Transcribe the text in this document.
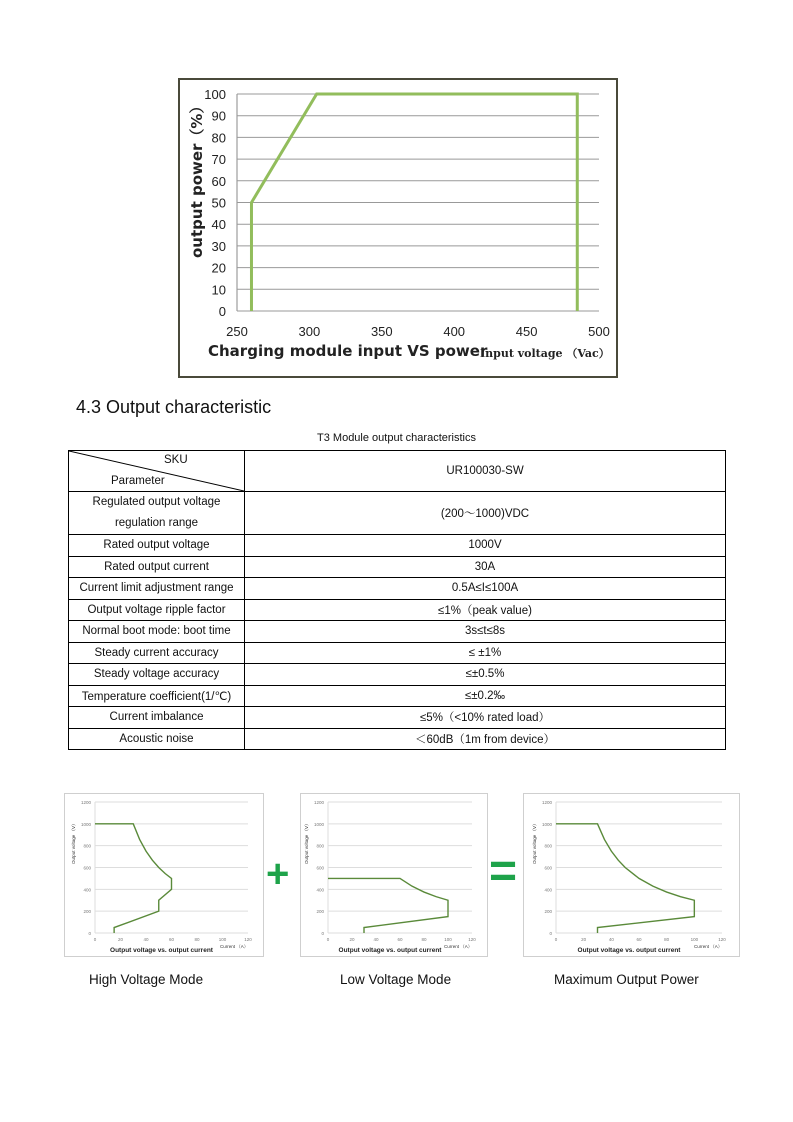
0
10
20
30
40
50
60
70
80
90
100
250	300	350	400	450	500
Charging module input VS power
Input voltage （Vac）
output power（%）
4.3 Output characteristic
T3 Module output characteristics
SKU
Parameter	UR100030-SW
Regulated output voltage regulation range	(200～1000)VDC
Rated output voltage	1000V
Rated output current	30A
Current limit adjustment range	0.5A≤I≤100A
Output voltage ripple factor	≤1%（peak value)
Normal boot mode: boot time	3s≤t≤8s
Steady current accuracy	≤ ±1%
Steady voltage accuracy	≤±0.5%
Temperature coefficient(1/℃)	≤±0.2‰
Current imbalance	≤5%（<10% rated load）
Acoustic noise	＜60dB（1m from device）
0
200
400
600
800
1000
1200
0	20	40	60	80	100	120
Output voltage vs. output current
Current （A）
Output voltage （V）
+
0
200
400
600
800
1000
1200
0	20	40	60	80	100	120
Output voltage vs. output current
Current （A）
Output voltage （V）
=
0
200
400
600
800
1000
1200
0	20	40	60	80	100	120
Output voltage vs. output current
Current （A）
Output voltage （V）
High Voltage Mode	Low Voltage Mode	Maximum Output Power
